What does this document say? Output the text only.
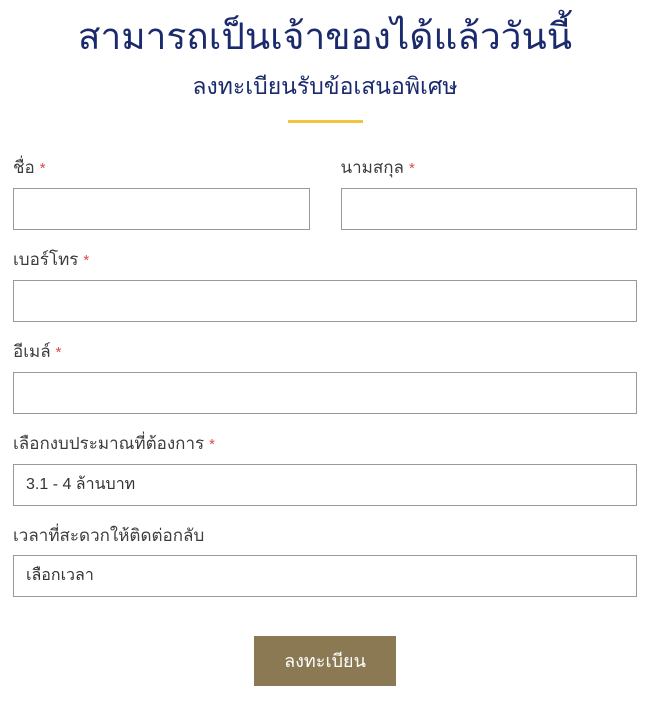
สามารถเป็นเจ้าของได้แล้ววันนี้
ลงทะเบียนรับข้อเสนอพิเศษ
ชื่อ *	นามสกุล *
เบอร์โทร *
อีเมล์ *
เลือกงบประมาณที่ต้องการ *
3.1 - 4 ล้านบาท
เวลาที่สะดวกให้ติดต่อกลับ
เลือกเวลา
ลงทะเบียน
